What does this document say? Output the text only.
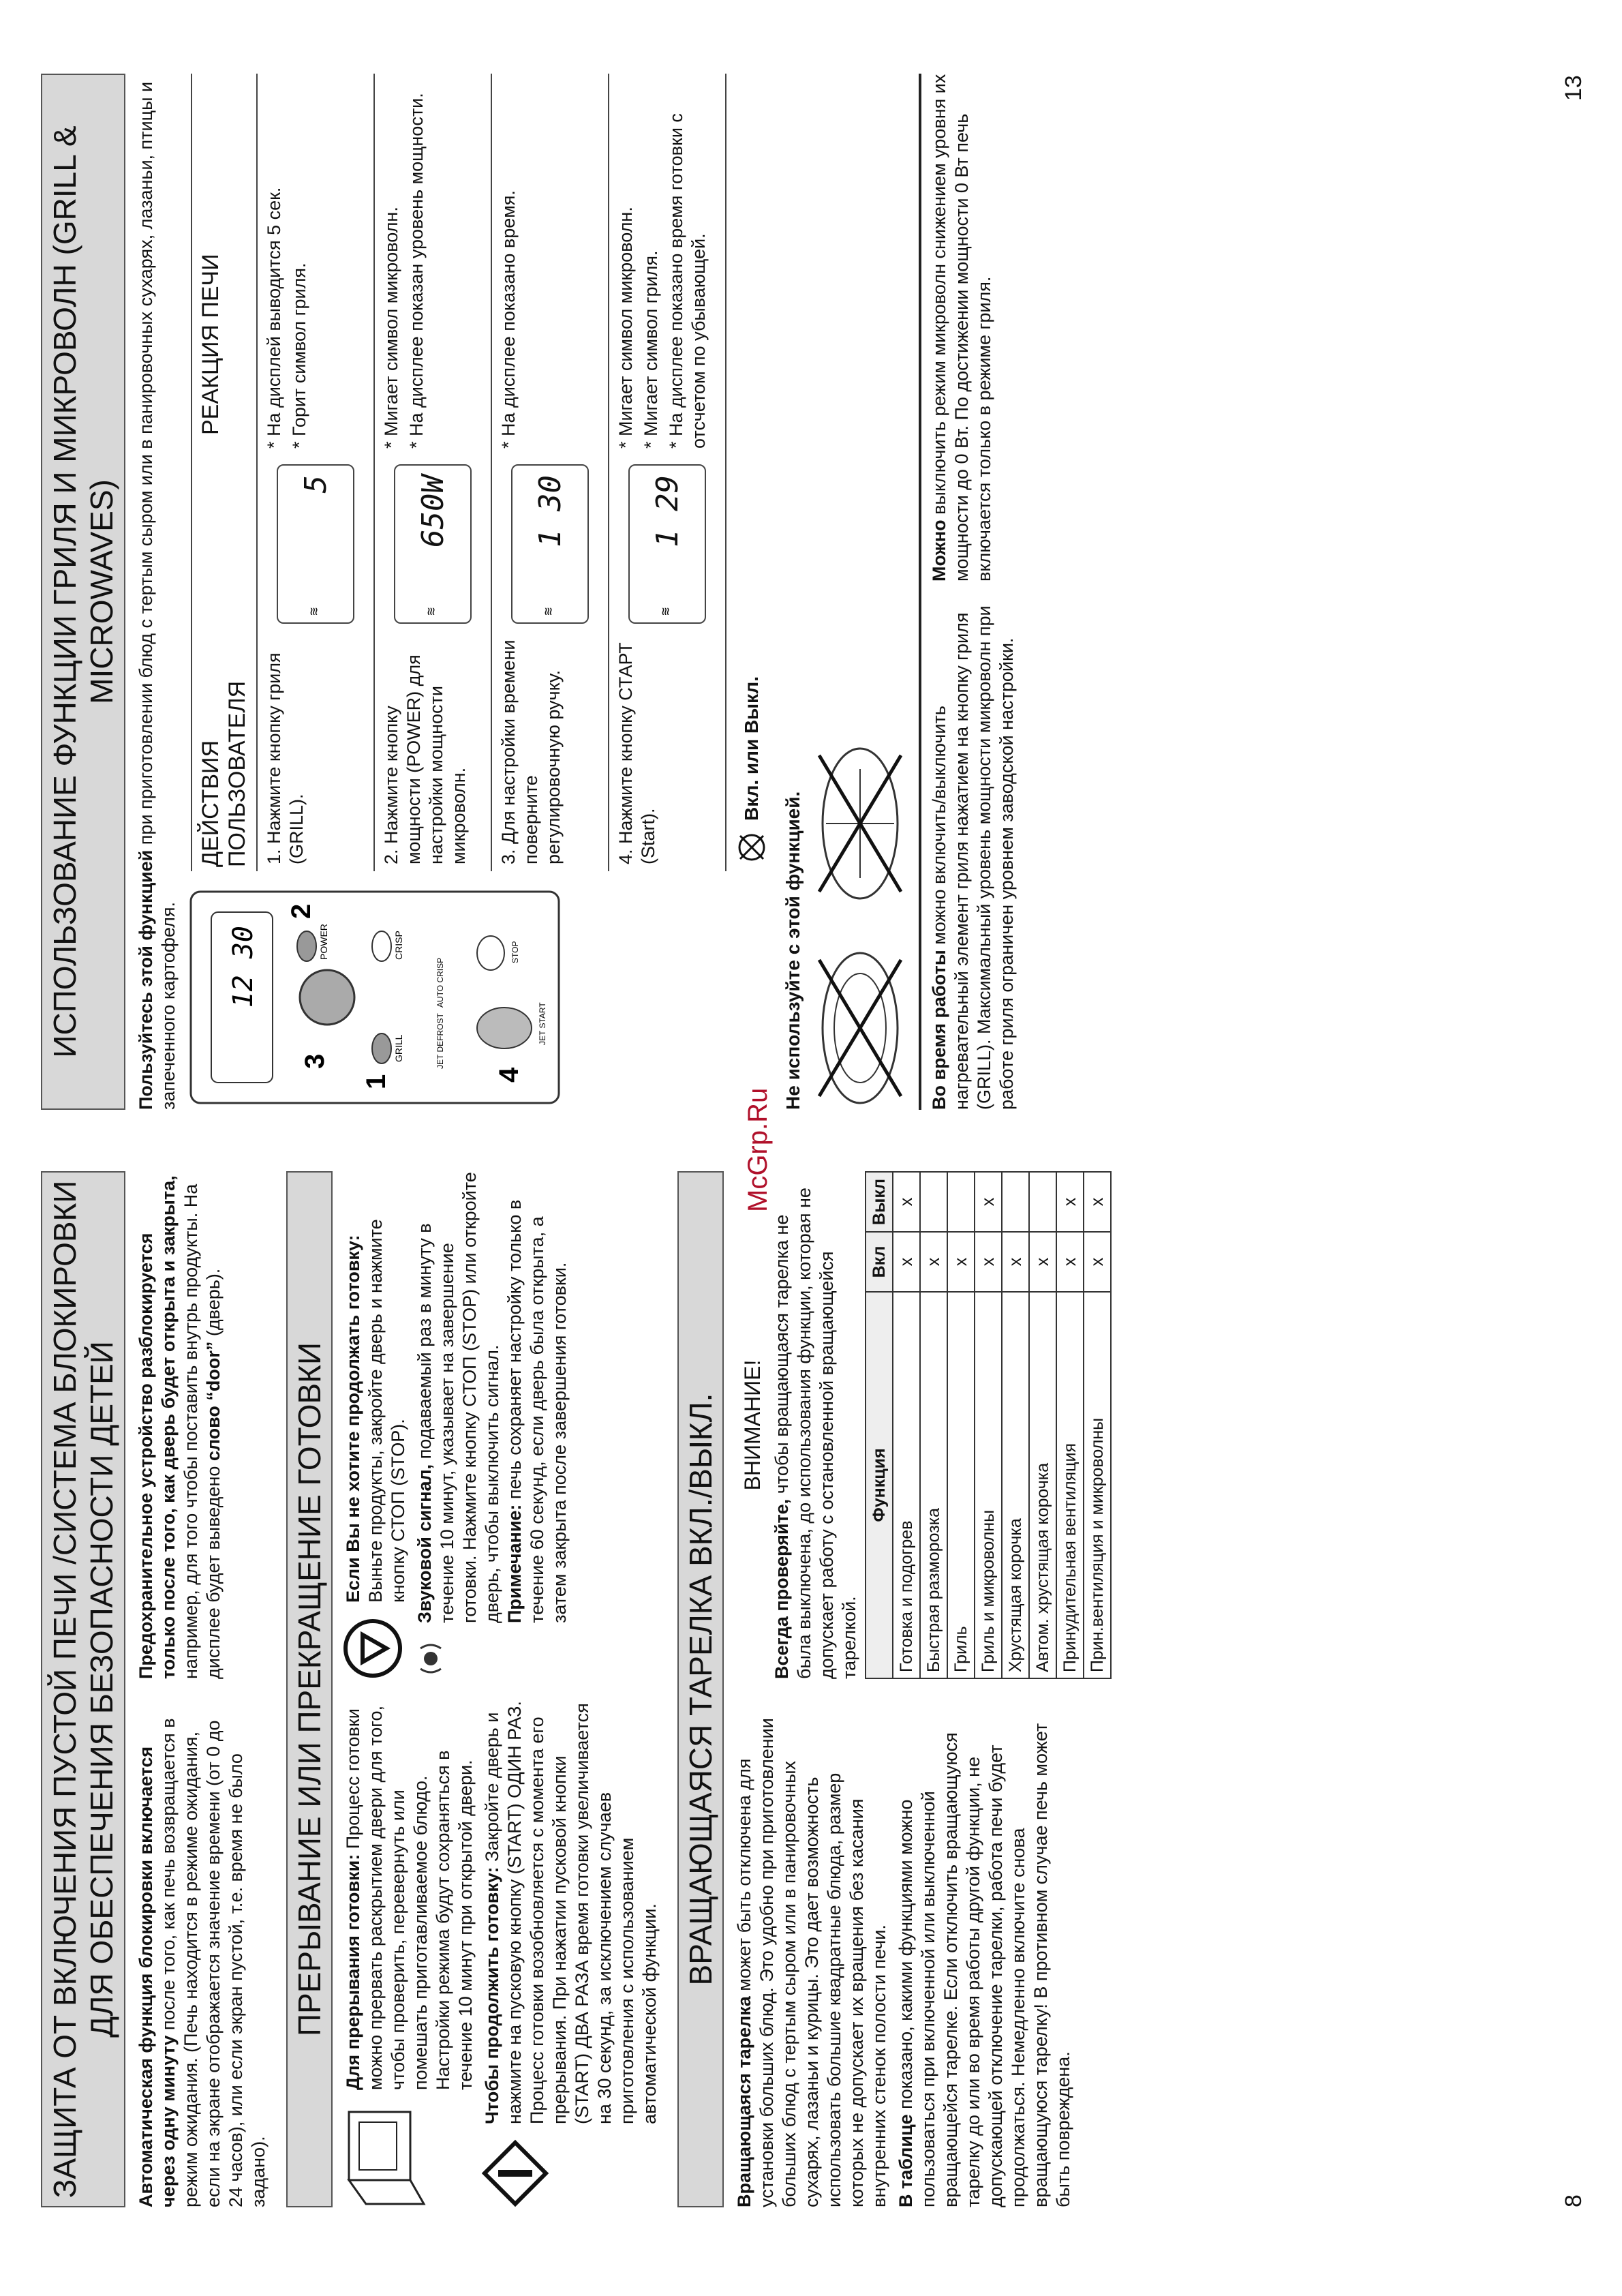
ЗАЩИТА ОТ ВКЛЮЧЕНИЯ ПУСТОЙ ПЕЧИ /СИСТЕМА БЛОКИРОВКИ ДЛЯ ОБЕСПЕЧЕНИЯ БЕЗОПАСНОСТИ ДЕТЕЙ Автоматическая функция блокировки включается через одну минуту после того, как печь возвращается в режим ожидания. (Печь находится в режиме ожидания, если на экране отображается значение времени (от 0 до 24 часов), или если экран пустой, т.е. время не было задано).

Предохранительное устройство разблокируется только после того, как дверь будет открыта и закрыта, например, для того чтобы поставить внутрь продукты. На дисплее будет выведено слово “door” (дверь).

ПРЕРЫВАНИЕ ИЛИ ПРЕКРАЩЕНИЕ ГОТОВКИ Для прерывания готовки: Процесс готовки можно прервать раскрытием двери для того, чтобы проверить, перевернуть или помешать приготавливаемое блюдо. Настройки режима будут сохраняться в течение 10 минут при открытой двери. Чтобы продолжить готовку: Закройте дверь и нажмите на пусковую кнопку (START) ОДИН РАЗ. Процесс готовки возобновляется с момента его прерывания. При нажатии пусковой кнопки (START) ДВА РАЗА время готовки увеличивается на 30 секунд, за исключением случаев приготовления с использованием автоматической функции.

Если Вы не хотите продолжать готовку: Выньте продукты, закройте дверь и нажмите кнопку СТОП (STOP). Звуковой сигнал, подаваемый раз в минуту в течение 10 минут, указывает на завершение готовки. Нажмите кнопку СТОП (STOP) или откройте дверь, чтобы выключить сигнал. Примечание: печь сохраняет настройку только в течение 60 секунд, если дверь была открыта, а затем закрыта после завершения готовки.	ВРАЩАЮЩАЯСЯ ТАРЕЛКА ВКЛ./ВЫКЛ.

Вращающаяся тарелка может быть отключена для установки больших блюд. Это удобно при приготовлении больших блюд с тертым сыром или в панировочных сухарях, лазаньи и курицы. Это дает возможность использовать большие квадратные блюда, размер которых не допускает их вращения без касания внутренних стенок полости печи. В таблице показано, какими функциями можно пользоваться при включенной или выключенной вращающейся тарелке. Если отключить вращающуюся тарелку до или во время работы другой функции, не допускающей отключение тарелки, работа печи будет продолжаться. Немедленно включите снова вращающуюся тарелку! В противном случае печь может быть повреждена.

ВНИМАНИЕ!

Всегда проверяйте, чтобы вращающаяся тарелка не была выключена, до использования функции, которая не допускает работу с остановленной вращающейся тарелкой.

Функция	Вкл	Выкл
Готовка и подогрев	x	x
Быстрая разморозка	x	
Гриль	x	
Гриль и микроволны	x	x
Хрустящая корочка	x	
Автом. хрустящая корочка	x	
Принудительная вентиляция	x	x
Прин.вентиляция и микроволны	x	x
8
McGrp.Ru
ИСПОЛЬЗОВАНИЕ ФУНКЦИИ ГРИЛЯ И МИКРОВОЛН (GRILL & MICROWAVES)

Пользуйтесь этой функцией при приготовлении блюд с тертым сыром или в панировочных сухарях, лазаньи, птицы и запеченного картофеля. 12 30
3
1
GRILL
2
POWER	CRISP
JET DEFROST
AUTO CRISP
4
JET START
STOP
ДЕЙСТВИЯ ПОЛЬЗОВАТЕЛЯ
РЕАКЦИЯ ПЕЧИ
1. Нажмите кнопку гриля (GRILL).
≋
5
* На дисплей выводится 5 сек. * Горит символ гриля.
2. Нажмите кнопку мощности (POWER) для настройки мощности микроволн.
≋
650W
* Мигает символ микроволн. * На дисплее показан уровень мощности.
3. Для настройки времени поверните регулировочную ручку.
≋
1 30
* На дисплее показано время.
4. Нажмите кнопку СТАРТ (Start).
≋
1 29
* Мигает символ микроволн. * Мигает символ гриля. * На дисплее показано время готовки с отсчетом по убывающей.
Вкл. или Выкл.
Не используйте с этой функцией.	Во время работы можно включить/выключить нагревательный элемент гриля нажатием на кнопку гриля (GRILL). Максимальный уровень мощности микроволн при работе гриля ограничен уровнем заводской настройки.

Можно выключить режим микроволн снижением уровня их мощности до 0 Вт. По достижении мощности 0 Вт печь включается только в режиме гриля.

13
